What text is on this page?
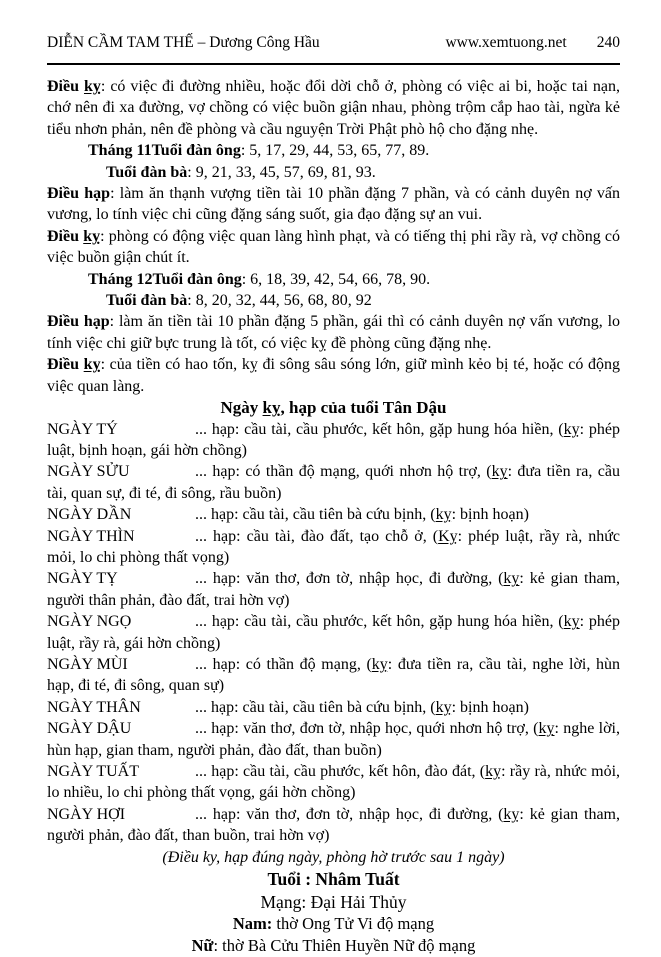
DIỄN CẦM TAM THẾ – Dương Công Hầu	www.xemtuong.net 240

Điều kỵ: có việc đi đường nhiều, hoặc đổi dời chỗ ở, phòng có việc ai bi, hoặc tai nạn, chớ nên đi xa đường, vợ chồng có việc buồn giận nhau, phòng trộm cắp hao tài, ngừa kẻ tiểu nhơn phản, nên đề phòng và cầu nguyện Trời Phật phò hộ cho đặng nhẹ.

Tháng 11Tuổi đàn ông: 5, 17, 29, 44, 53, 65, 77, 89.

Tuổi đàn bà: 9, 21, 33, 45, 57, 69, 81, 93.

Điều hạp: làm ăn thạnh vượng tiền tài 10 phần đặng 7 phần, và có cảnh duyên nợ vấn vương, lo tính việc chi cũng đặng sáng suốt, gia đạo đặng sự an vui.

Điều kỵ: phòng có động việc quan làng hình phạt, và có tiếng thị phi rầy rà, vợ chồng có việc buồn giận chút ít.

Tháng 12Tuổi đàn ông: 6, 18, 39, 42, 54, 66, 78, 90.

Tuổi đàn bà: 8, 20, 32, 44, 56, 68, 80, 92

Điều hạp: làm ăn tiền tài 10 phần đặng 5 phần, gái thì có cảnh duyên nợ vấn vương, lo tính việc chi giữ bực trung là tốt, có việc kỵ đề phòng cũng đặng nhẹ.

Điều kỵ: của tiền có hao tốn, kỵ đi sông sâu sóng lớn, giữ mình kẻo bị té, hoặc có động việc quan làng.

Ngày kỵ, hạp của tuổi Tân Dậu

NGÀY TÝ	... hạp: cầu tài, cầu phước, kết hôn, gặp hung hóa hiền, (kỵ: phép luật, bịnh hoạn, gái hờn chồng)

NGÀY SỬU	... hạp: có thần độ mạng, quới nhơn hộ trợ, (kỵ: đưa tiền ra, cầu tài, quan sự, đi té, đi sông, rầu buồn)

NGÀY DẦN	... hạp: cầu tài, cầu tiên bà cứu bịnh, (kỵ: bịnh hoạn)

NGÀY THÌN	... hạp: cầu tài, đào đất, tạo chỗ ở, (Kỵ: phép luật, rầy rà, nhức mỏi, lo chi phòng thất vọng)

NGÀY TỴ	... hạp: văn thơ, đơn tờ, nhập học, đi đường, (kỵ: kẻ gian tham, người thân phản, đào đất, trai hờn vợ)

NGÀY NGỌ	... hạp: cầu tài, cầu phước, kết hôn, gặp hung hóa hiền, (kỵ: phép luật, rầy rà, gái hờn chồng)

NGÀY MÙI	... hạp: có thần độ mạng, (kỵ: đưa tiền ra, cầu tài, nghe lời, hùn hạp, đi té, đi sông, quan sự)

NGÀY THÂN	... hạp: cầu tài, cầu tiên bà cứu bịnh, (kỵ: bịnh hoạn)

NGÀY DẬU	... hạp: văn thơ, đơn tờ, nhập học, quới nhơn hộ trợ, (kỵ: nghe lời, hùn hạp, gian tham, người phản, đào đất, than buồn)

NGÀY TUẤT	... hạp: cầu tài, cầu phước, kết hôn, đào đát, (kỵ: rầy rà, nhức mỏi, lo nhiều, lo chi phòng thất vọng, gái hờn chồng)

NGÀY HỢI	... hạp: văn thơ, đơn tờ, nhập học, đi đường, (kỵ: kẻ gian tham, người phản, đào đất, than buồn, trai hờn vợ)

(Điều ky, hạp đúng ngày, phòng hờ trước sau 1 ngày)

Tuổi : Nhâm Tuất

Mạng: Đại Hải Thủy

Nam: thờ Ong Tử Vi độ mạng

Nữ: thờ Bà Cửu Thiên Huyền Nữ độ mạng
